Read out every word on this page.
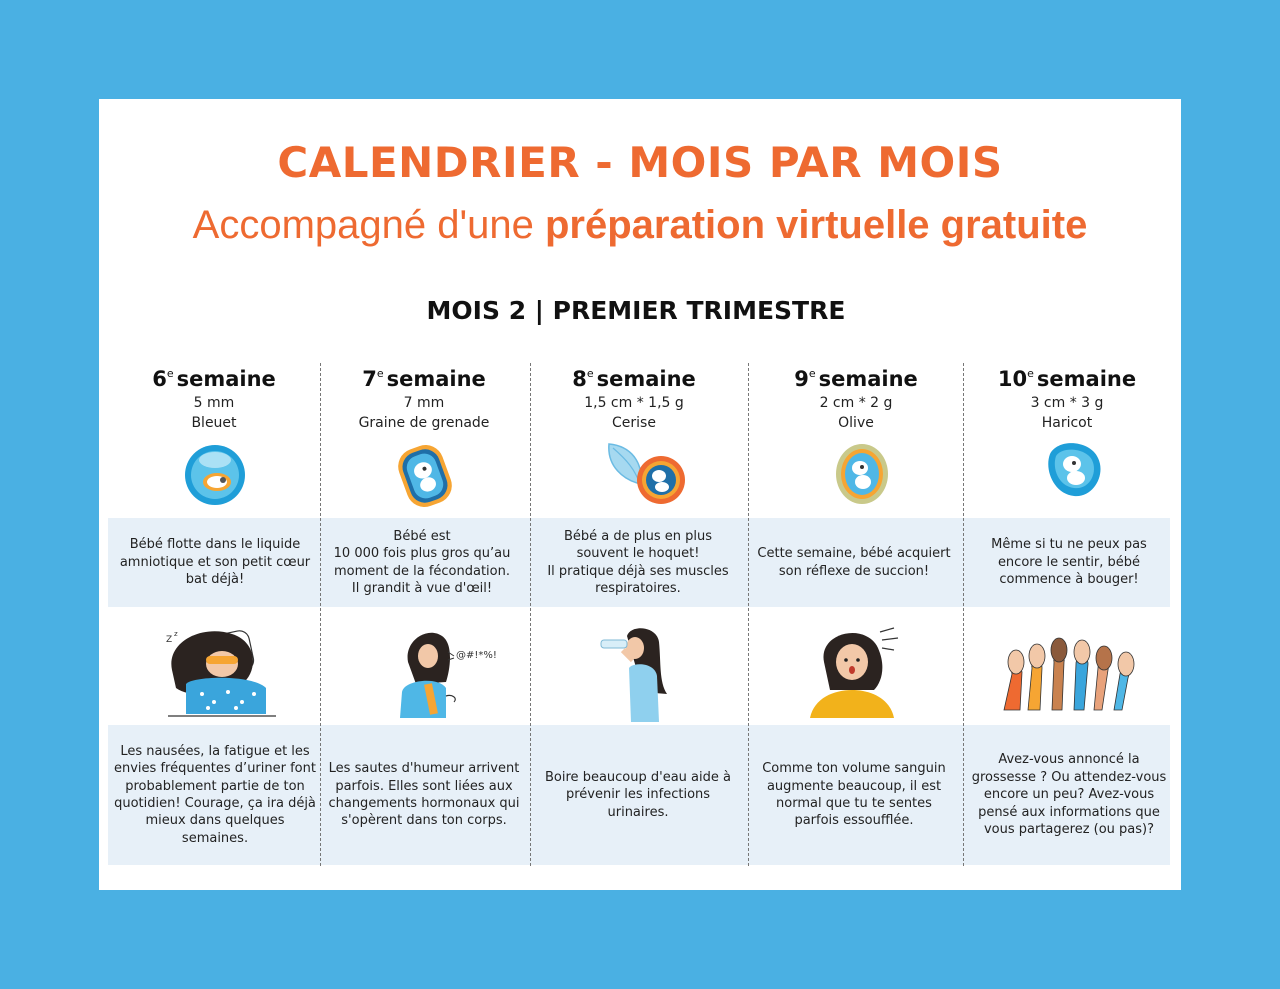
CALENDRIER - MOIS PAR MOIS

Accompagné d'une préparation virtuelle gratuite

MOIS 2 | PREMIER TRIMESTRE
6e semaine
5 mm
Bleuet
7e semaine
7 mm
Graine de grenade
8e semaine
1,5 cm * 1,5 g
Cerise
9e semaine
2 cm * 2 g
Olive
10e semaine
3 cm * 3 g
Haricot
Bébé flotte dans le liquide amniotique et son petit cœur bat déjà!
Bébé est
10 000 fois plus gros qu’au moment de la fécondation.
Il grandit à vue d'œil!
Bébé a de plus en plus souvent le hoquet!
Il pratique déjà ses muscles respiratoires.
Cette semaine, bébé acquiert son réflexe de succion!
Même si tu ne peux pas encore le sentir, bébé commence à bouger!
Z
z
@#!*%!
Les nausées, la fatigue et les envies fréquentes d’uriner font probablement partie de ton quotidien! Courage, ça ira déjà mieux dans quelques semaines.
Les sautes d'humeur arrivent parfois. Elles sont liées aux changements hormonaux qui s'opèrent dans ton corps.
Boire beaucoup d'eau aide à prévenir les infections urinaires.
Comme ton volume sanguin augmente beaucoup, il est normal que tu te sentes parfois essoufflée.
Avez-vous annoncé la grossesse ? Ou attendez-vous encore un peu? Avez-vous pensé aux informations que vous partagerez (ou pas)?
